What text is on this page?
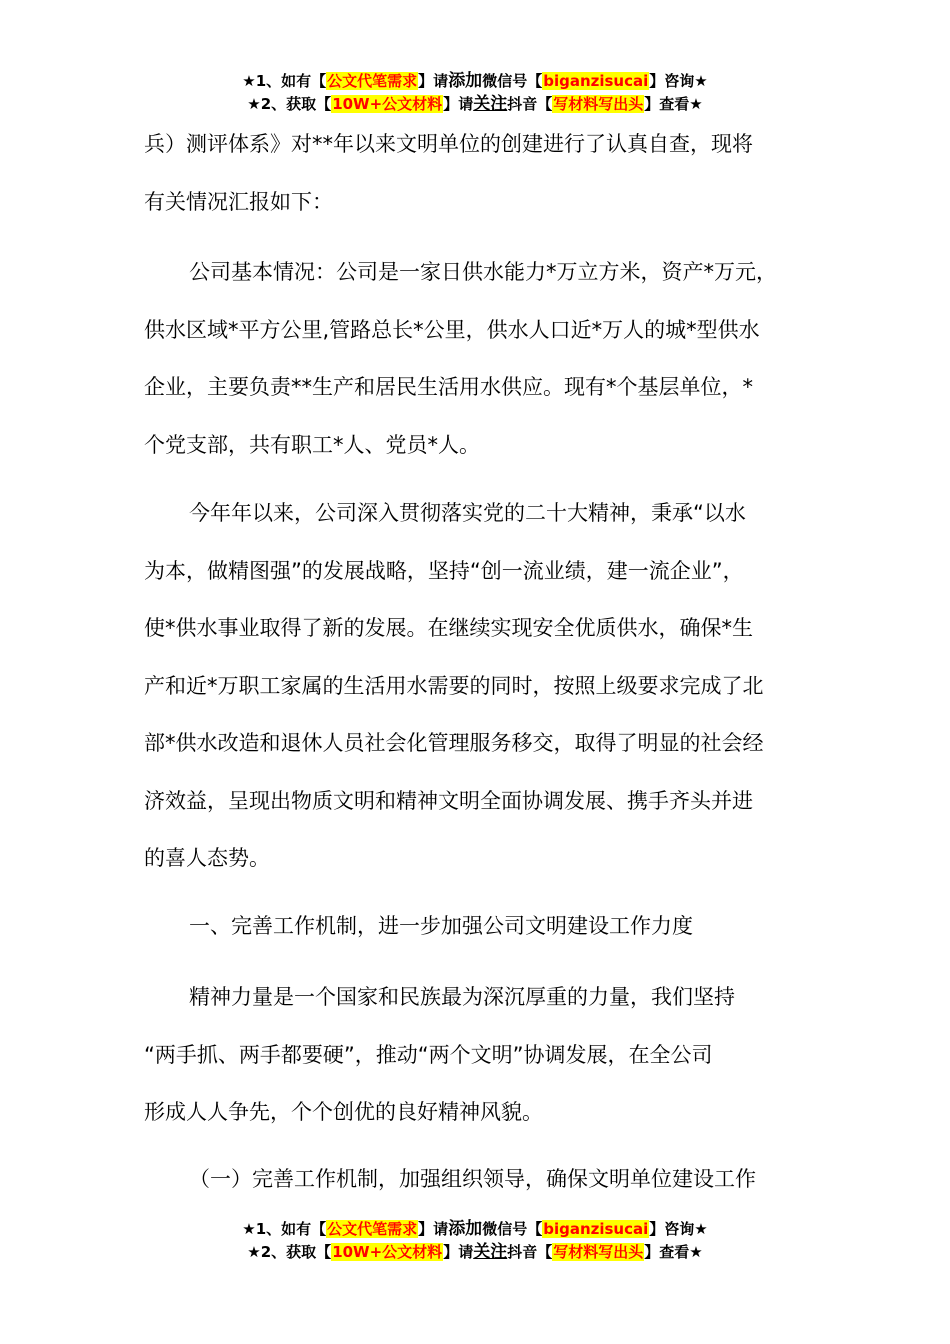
★1、如有【公文代笔需求】请添加微信号【biganzisucai】咨询★
★2、获取【10W+公文材料】请关注抖音【写材料写出头】查看★
兵）测评体系》对**年以来文明单位的创建进行了认真自查，现将
有关情况汇报如下：
公司基本情况：公司是一家日供水能力*万立方米，资产*万元，
供水区域*平方公里,管路总长*公里，供水人口近*万人的城*型供水
企业，主要负责**生产和居民生活用水供应。现有*个基层单位，*
个党支部，共有职工*人、党员*人。
今年年以来，公司深入贯彻落实党的二十大精神，秉承“以水
为本，做精图强”的发展战略，坚持“创一流业绩，建一流企业”，
使*供水事业取得了新的发展。在继续实现安全优质供水，确保*生
产和近*万职工家属的生活用水需要的同时，按照上级要求完成了北
部*供水改造和退休人员社会化管理服务移交，取得了明显的社会经
济效益，呈现出物质文明和精神文明全面协调发展、携手齐头并进
的喜人态势。
一、完善工作机制，进一步加强公司文明建设工作力度
精神力量是一个国家和民族最为深沉厚重的力量，我们坚持
“两手抓、两手都要硬”，推动“两个文明”协调发展，在全公司
形成人人争先，个个创优的良好精神风貌。
（一）完善工作机制，加强组织领导，确保文明单位建设工作
★1、如有【公文代笔需求】请添加微信号【biganzisucai】咨询★
★2、获取【10W+公文材料】请关注抖音【写材料写出头】查看★
